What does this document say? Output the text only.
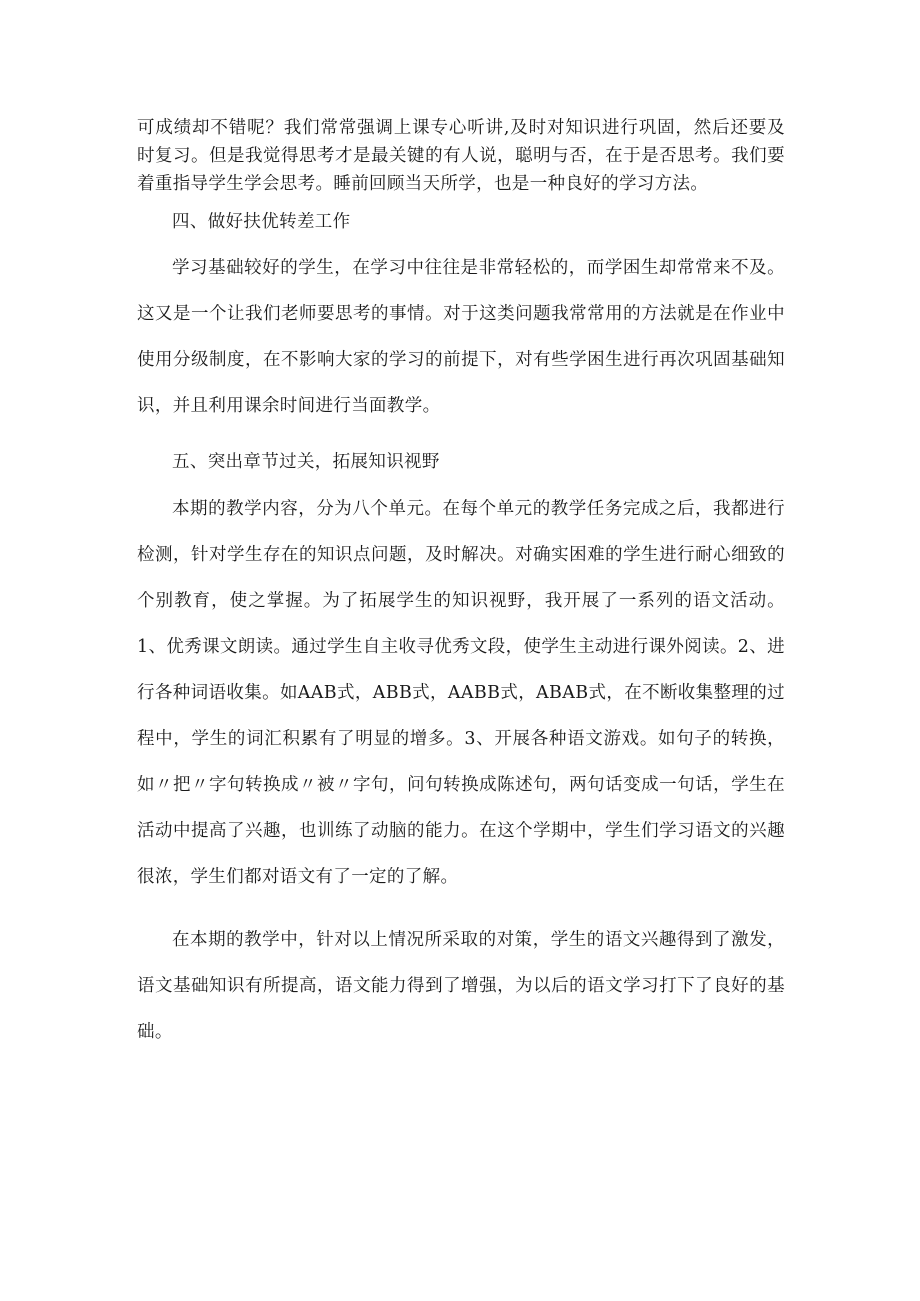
可成绩却不错呢？我们常常强调上课专心听讲,及时对知识进行巩固，然后还要及时复习。但是我觉得思考才是最关键的有人说，聪明与否，在于是否思考。我们要着重指导学生学会思考。睡前回顾当天所学，也是一种良好的学习方法。

四、做好扶优转差工作

学习基础较好的学生，在学习中往往是非常轻松的，而学困生却常常来不及。这又是一个让我们老师要思考的事情。对于这类问题我常常用的方法就是在作业中使用分级制度，在不影响大家的学习的前提下，对有些学困生进行再次巩固基础知识，并且利用课余时间进行当面教学。

五、突出章节过关，拓展知识视野

本期的教学内容，分为八个单元。在每个单元的教学任务完成之后，我都进行检测，针对学生存在的知识点问题，及时解决。对确实困难的学生进行耐心细致的个别教育，使之掌握。为了拓展学生的知识视野，我开展了一系列的语文活动。1、优秀课文朗读。通过学生自主收寻优秀文段，使学生主动进行课外阅读。2、进行各种词语收集。如AAB式，ABB式，AABB式，ABAB式，在不断收集整理的过程中，学生的词汇积累有了明显的增多。3、开展各种语文游戏。如句子的转换，如〃把〃字句转换成〃被〃字句，问句转换成陈述句，两句话变成一句话，学生在活动中提高了兴趣，也训练了动脑的能力。在这个学期中，学生们学习语文的兴趣很浓，学生们都对语文有了一定的了解。

在本期的教学中，针对以上情况所采取的对策，学生的语文兴趣得到了激发，语文基础知识有所提高，语文能力得到了增强，为以后的语文学习打下了良好的基础。
